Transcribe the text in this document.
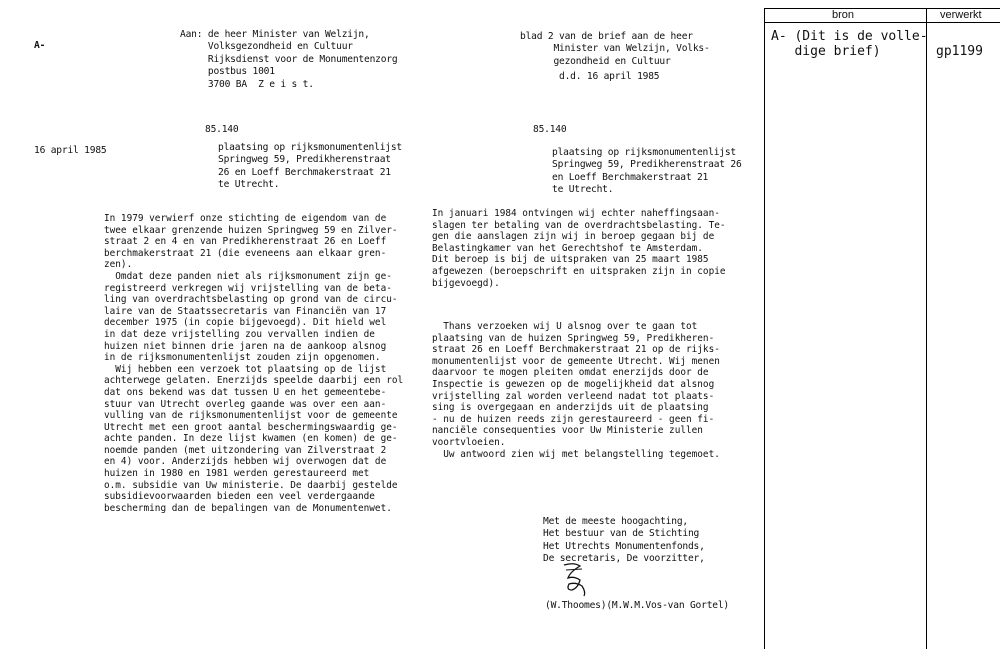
bron	verwerkt
A- (Dit is de volle-
dige brief)	gp1199
A-
Aan: de heer Minister van Welzijn,
Volksgezondheid en Cultuur
Rijksdienst voor de Monumentenzorg
postbus 1001
3700 BA  Z e i s t.
85.140
16 april 1985	plaatsing op rijksmonumentenlijst
Springweg 59, Predikherenstraat
26 en Loeff Berchmakerstraat 21
te Utrecht.
In 1979 verwierf onze stichting de eigendom van de
twee elkaar grenzende huizen Springweg 59 en Zilver-
straat 2 en 4 en van Predikherenstraat 26 en Loeff
berchmakerstraat 21 (die eveneens aan elkaar gren-
zen).
Omdat deze panden niet als rijksmonument zijn ge-
registreerd verkregen wij vrijstelling van de beta-
ling van overdrachtsbelasting op grond van de circu-
laire van de Staatssecretaris van Financiën van 17
december 1975 (in copie bijgevoegd). Dit hield wel
in dat deze vrijstelling zou vervallen indien de
huizen niet binnen drie jaren na de aankoop alsnog
in de rijksmonumentenlijst zouden zijn opgenomen.
Wij hebben een verzoek tot plaatsing op de lijst
achterwege gelaten. Enerzijds speelde daarbij een rol
dat ons bekend was dat tussen U en het gemeentebe-
stuur van Utrecht overleg gaande was over een aan-
vulling van de rijksmonumentenlijst voor de gemeente
Utrecht met een groot aantal beschermingswaardig ge-
achte panden. In deze lijst kwamen (en komen) de ge-
noemde panden (met uitzondering van Zilverstraat 2
en 4) voor. Anderzijds hebben wij overwogen dat de
huizen in 1980 en 1981 werden gerestaureerd met
o.m. subsidie van Uw ministerie. De daarbij gestelde
subsidievoorwaarden bieden een veel verdergaande
bescherming dan de bepalingen van de Monumentenwet.
blad 2 van de brief aan de heer
Minister van Welzijn, Volks-
gezondheid en Cultuur
d.d. 16 april 1985
85.140
plaatsing op rijksmonumentenlijst
Springweg 59, Predikherenstraat 26
en Loeff Berchmakerstraat 21
te Utrecht.
In januari 1984 ontvingen wij echter naheffingsaan-
slagen ter betaling van de overdrachtsbelasting. Te-
gen die aanslagen zijn wij in beroep gegaan bij de
Belastingkamer van het Gerechtshof te Amsterdam.
Dit beroep is bij de uitspraken van 25 maart 1985
afgewezen (beroepschrift en uitspraken zijn in copie
bijgevoegd).
Thans verzoeken wij U alsnog over te gaan tot
plaatsing van de huizen Springweg 59, Predikheren-
straat 26 en Loeff Berchmakerstraat 21 op de rijks-
monumentenlijst voor de gemeente Utrecht. Wij menen
daarvoor te mogen pleiten omdat enerzijds door de
Inspectie is gewezen op de mogelijkheid dat alsnog
vrijstelling zal worden verleend nadat tot plaats-
sing is overgegaan en anderzijds uit de plaatsing
- nu de huizen reeds zijn gerestaureerd - geen fi-
nanciële consequenties voor Uw Ministerie zullen
voortvloeien.
Uw antwoord zien wij met belangstelling tegemoet.
Met de meeste hoogachting,
Het bestuur van de Stichting
Het Utrechts Monumentenfonds,
De secretaris, De voorzitter,
(W.Thoomes)(M.W.M.Vos-van Gortel)
